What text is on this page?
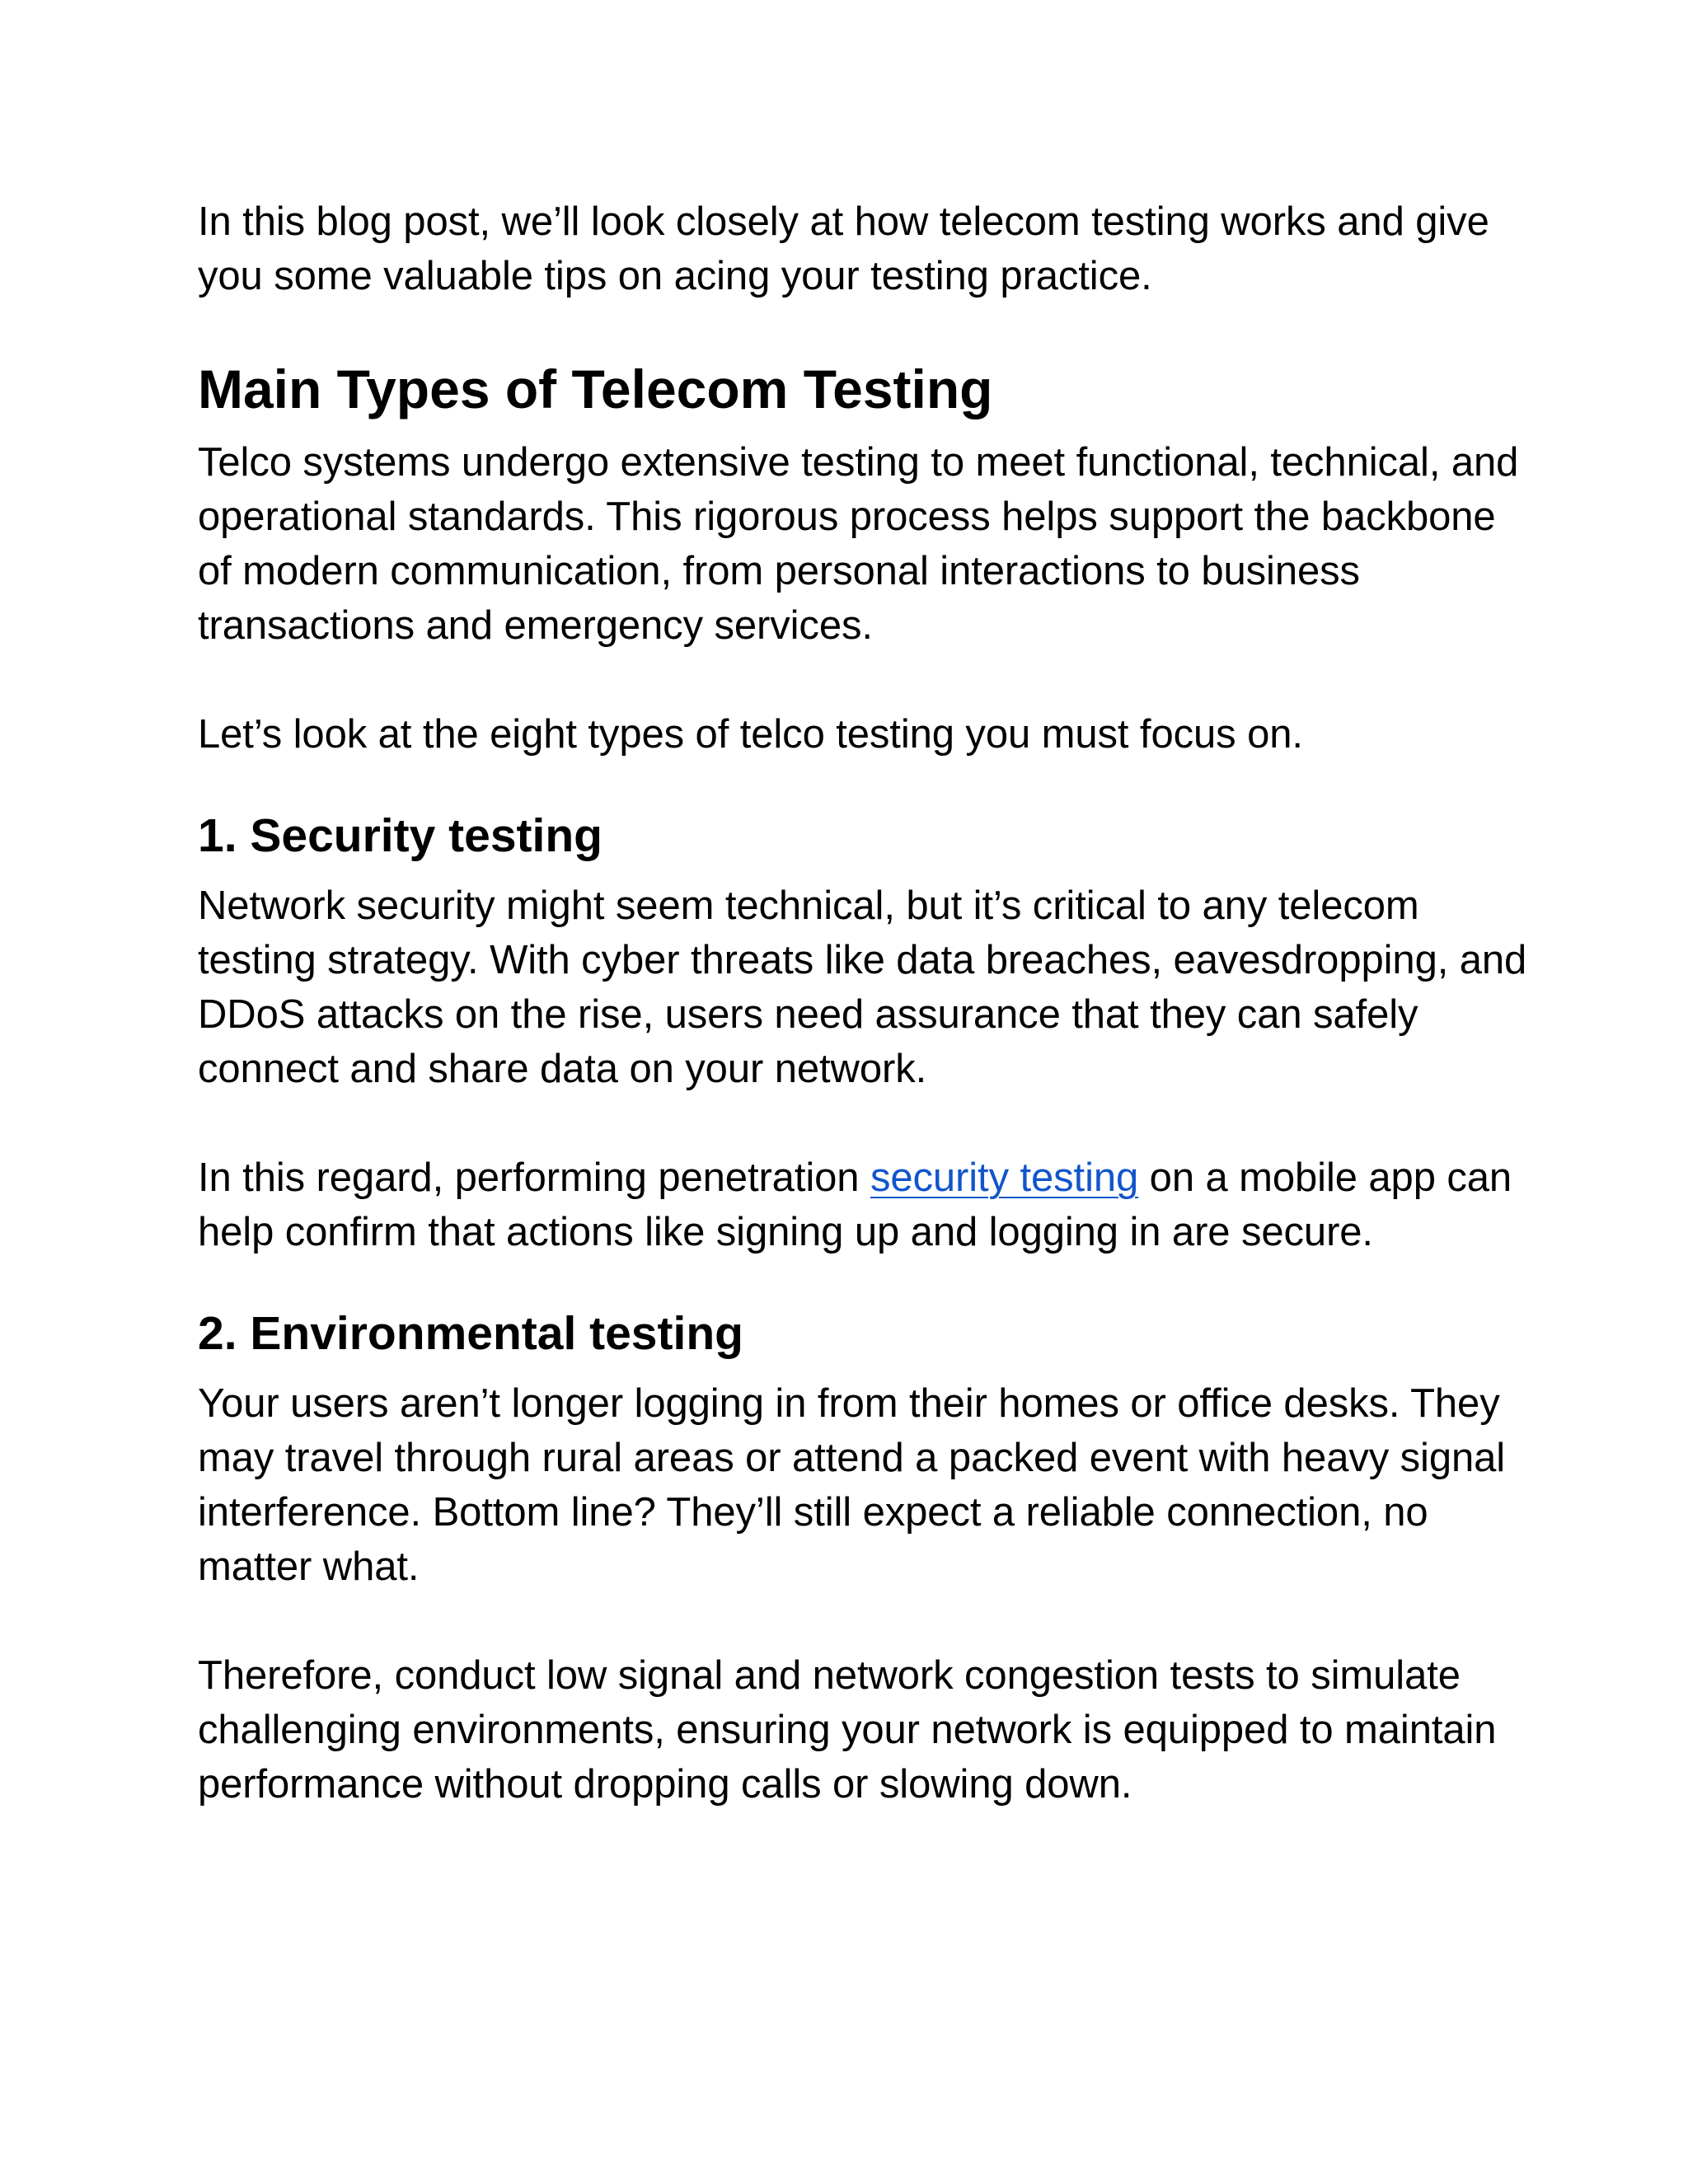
In this blog post, we’ll look closely at how telecom testing works and give you some valuable tips on acing your testing practice.

Main Types of Telecom Testing

Telco systems undergo extensive testing to meet functional, technical, and operational standards. This rigorous process helps support the backbone of modern communication, from personal interactions to business transactions and emergency services.

Let’s look at the eight types of telco testing you must focus on.

1. Security testing

Network security might seem technical, but it’s critical to any telecom testing strategy. With cyber threats like data breaches, eavesdropping, and DDoS attacks on the rise, users need assurance that they can safely connect and share data on your network.

In this regard, performing penetration security testing on a mobile app can help confirm that actions like signing up and logging in are secure.

2. Environmental testing

Your users aren’t longer logging in from their homes or office desks. They may travel through rural areas or attend a packed event with heavy signal interference. Bottom line? They’ll still expect a reliable connection, no matter what.

Therefore, conduct low signal and network congestion tests to simulate challenging environments, ensuring your network is equipped to maintain performance without dropping calls or slowing down.
